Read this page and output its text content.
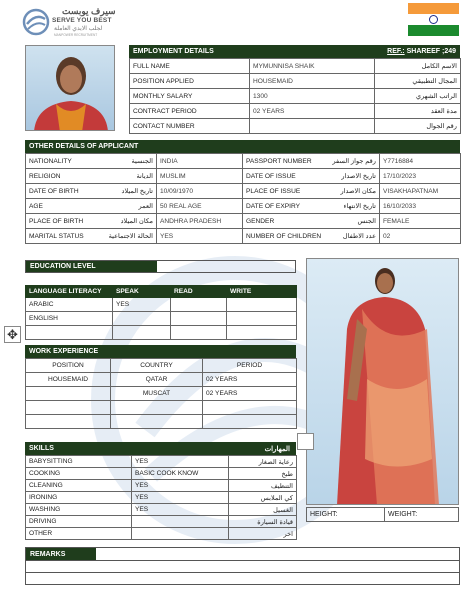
سيرف يوبست
SERVE YOU BEST
لجلب الايدي العاملة
MANPOWER RECRUITMENT
EMPLOYMENT DETAILS	REF.: SHAREEF ;249
FULL NAME	MYMUNNISA SHAIK	الاسم الكامل
POSITION APPLIED	HOUSEMAID	المجال التطبيقي
MONTHLY SALARY	1300	الراتب الشهري
CONTRACT PERIOD	02 YEARS	مدة العقد
CONTACT NUMBER		رقم الجوال
OTHER DETAILS OF APPLICANT
NATIONALITY	الجنسية	INDIA	PASSPORT NUMBER	رقم جواز السفر	Y7716884
RELIGION	الديانة	MUSLIM	DATE OF ISSUE	تاريخ الاصدار	17/10/2023
DATE OF BIRTH	تاريخ الميلاد	10/09/1970	PLACE OF ISSUE	مكان الاصدار	VISAKHAPATNAM
AGE	العمر	50 REAL AGE	DATE OF EXPIRY	تاريخ الانتهاء	16/10/2033
PLACE OF BIRTH	مكان الميلاد	ANDHRA PRADESH	GENDER	الجنس	FEMALE
MARITAL STATUS	الحالة الاجتماعية	YES	NUMBER OF CHILDREN	عدد الاطفال	02
EDUCATION LEVEL
LANGUAGE LITERACY	SPEAK	READ	WRITE
ARABIC	YES		
ENGLISH			

✥
WORK EXPERIENCE
POSITION	COUNTRY	PERIOD
HOUSEMAID	QATAR	02 YEARS
	MUSCAT	02 YEARS

HEIGHT:	WEIGHT:
SKILLS	المهارات
BABYSITTING	YES	رعاية الصغار
COOKING	BASIC COOK KNOW	طبخ
CLEANING	YES	التنظيف
IRONING	YES	كي الملابس
WASHING	YES	الغسيل
DRIVING		قيادة السيارة
OTHER		اخر
REMARKS
